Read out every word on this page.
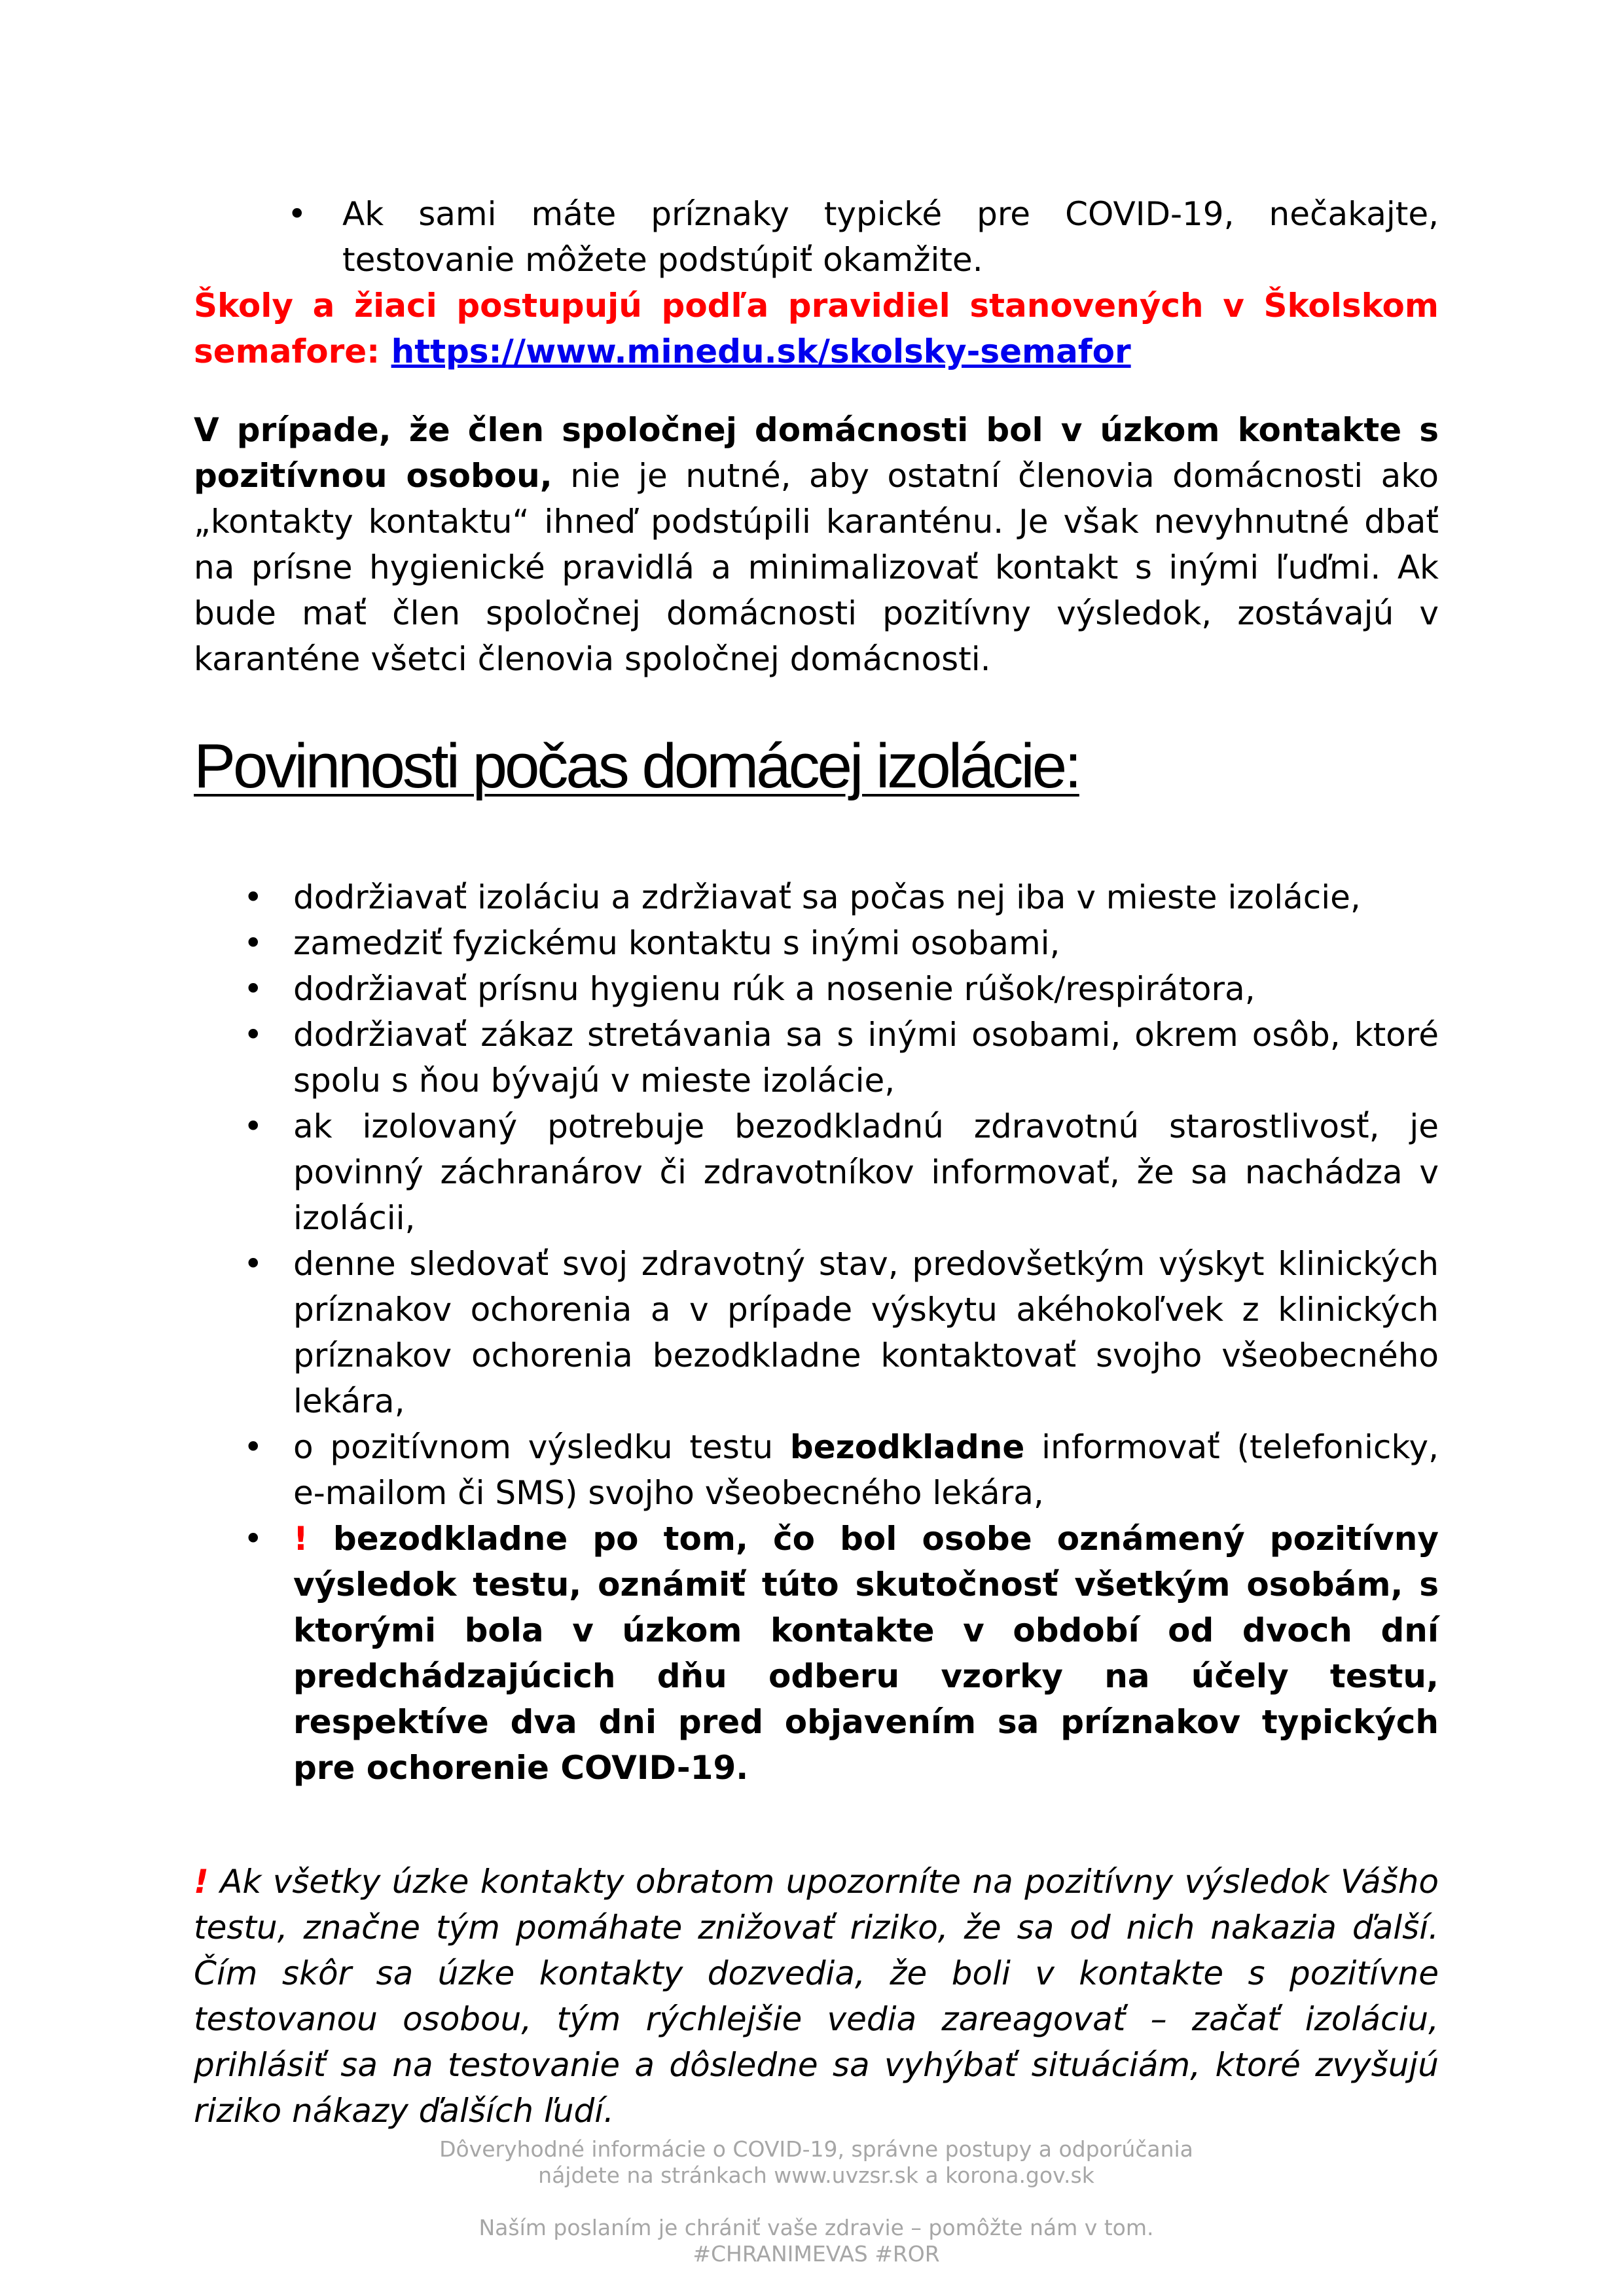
• Ak sami máte príznaky typické pre COVID-19, nečakajte, testovanie môžete podstúpiť okamžite.

Školy a žiaci postupujú podľa pravidiel stanovených v Školskom semafore: https://www.minedu.sk/skolsky-semafor

V prípade, že člen spoločnej domácnosti bol v úzkom kontakte s pozitívnou osobou, nie je nutné, aby ostatní členovia domácnosti ako „kontakty kontaktu“ ihneď podstúpili karanténu. Je však nevyhnutné dbať na prísne hygienické pravidlá a minimalizovať kontakt s inými ľuďmi. Ak bude mať člen spoločnej domácnosti pozitívny výsledok, zostávajú v karanténe všetci členovia spoločnej domácnosti.

Povinnosti počas domácej izolácie:
• dodržiavať izoláciu a zdržiavať sa počas nej iba v mieste izolácie,
• zamedziť fyzickému kontaktu s inými osobami,
• dodržiavať prísnu hygienu rúk a nosenie rúšok/respirátora,
• dodržiavať zákaz stretávania sa s inými osobami, okrem osôb, ktoré spolu s ňou bývajú v mieste izolácie,
• ak izolovaný potrebuje bezodkladnú zdravotnú starostlivosť, je povinný záchranárov či zdravotníkov informovať, že sa nachádza v izolácii,
• denne sledovať svoj zdravotný stav, predovšetkým výskyt klinických príznakov ochorenia a v prípade výskytu akéhokoľvek z klinických príznakov ochorenia bezodkladne kontaktovať svojho všeobecného lekára,
• o pozitívnom výsledku testu bezodkladne informovať (telefonicky, e-mailom či SMS) svojho všeobecného lekára,
• ! bezodkladne po tom, čo bol osobe oznámený pozitívny výsledok testu, oznámiť túto skutočnosť všetkým osobám, s ktorými bola v úzkom kontakte v období od dvoch dní predchádzajúcich dňu odberu vzorky na účely testu, respektíve dva dni pred objavením sa príznakov typických pre ochorenie COVID-19.

! Ak všetky úzke kontakty obratom upozorníte na pozitívny výsledok Vášho testu, značne tým pomáhate znižovať riziko, že sa od nich nakazia ďalší. Čím skôr sa úzke kontakty dozvedia, že boli v kontakte s pozitívne testovanou osobou, tým rýchlejšie vedia zareagovať – začať izoláciu, prihlásiť sa na testovanie a dôsledne sa vyhýbať situáciám, ktoré zvyšujú riziko nákazy ďalších ľudí.

Dôveryhodné informácie o COVID-19, správne postupy a odporúčania
nájdete na stránkach www.uvzsr.sk a korona.gov.sk
Naším poslaním je chrániť vaše zdravie – pomôžte nám v tom.
#CHRANIMEVAS #ROR
